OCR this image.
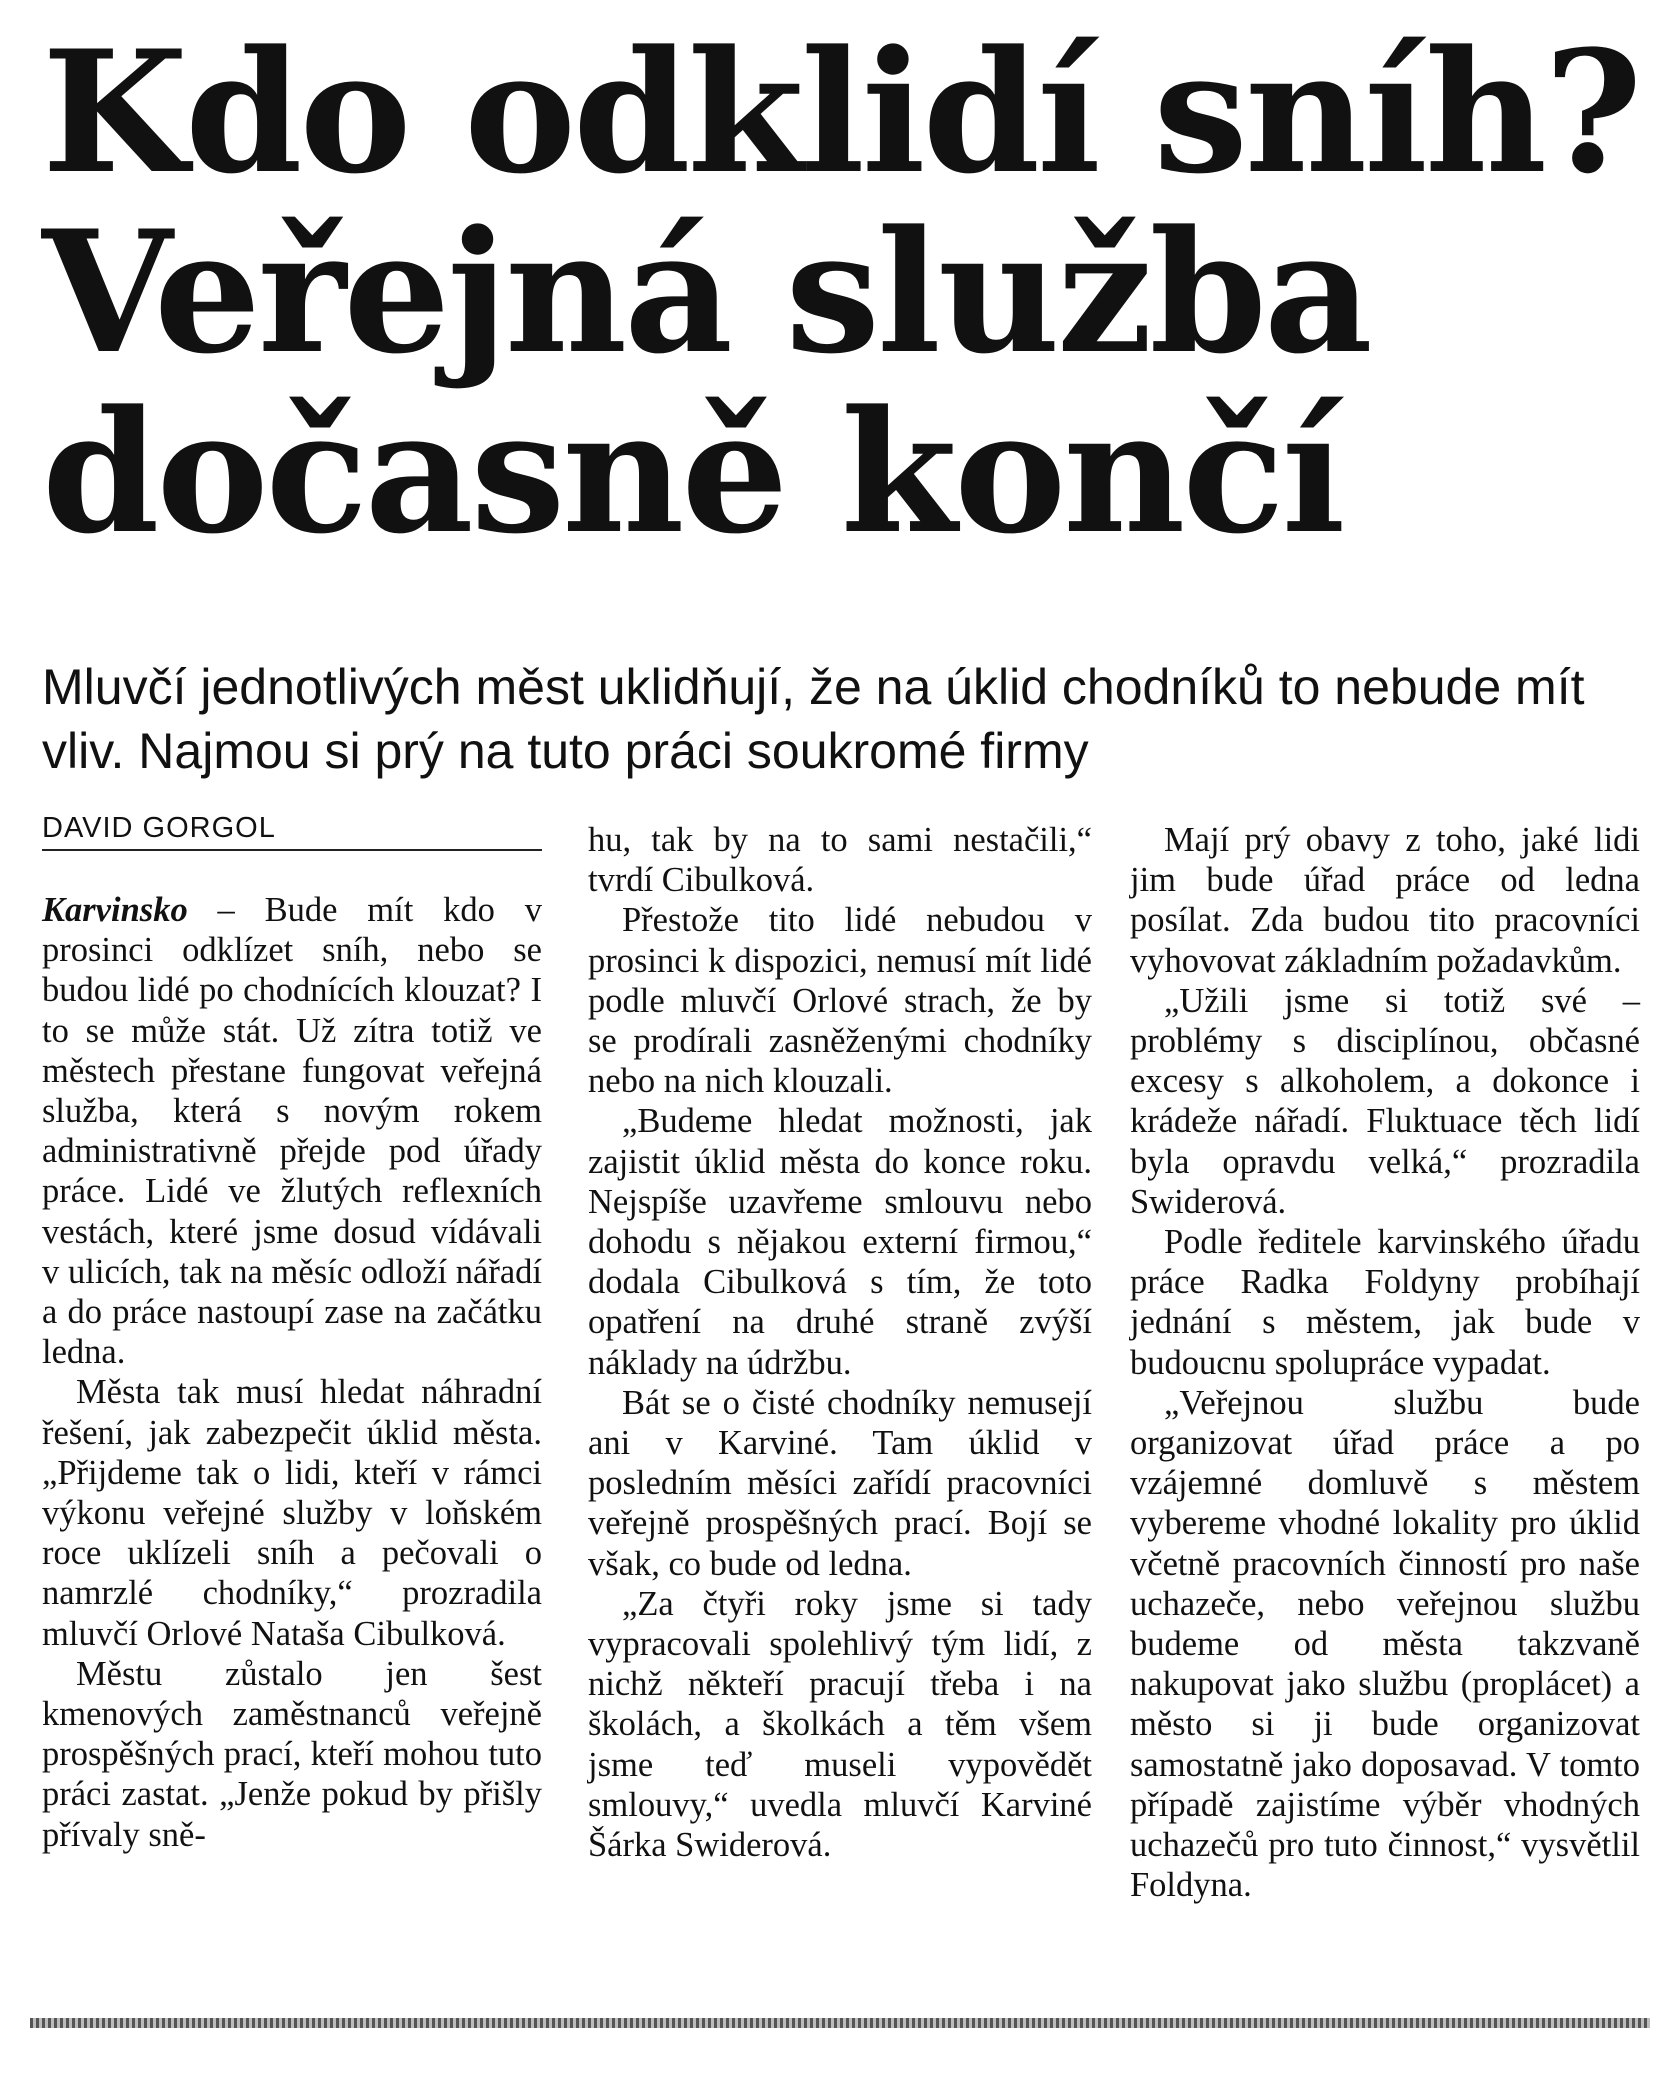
Kdo odklidí sníh?
Veřejná služba
dočasně končí

Mluvčí jednotlivých měst uklidňují, že na úklid chodníků to nebude mít vliv. Najmou si prý na tuto práci soukromé firmy

DAVID GORGOL

Karvinsko – Bude mít kdo v prosinci odklízet sníh, nebo se budou lidé po chodnících klouzat? I to se může stát. Už zítra totiž ve městech přestane fungovat veřejná služba, která s novým rokem administrativně přejde pod úřady práce. Lidé ve žlutých reflexních vestách, které jsme dosud vídávali v ulicích, tak na měsíc odloží nářadí a do práce nastoupí zase na začátku ledna.

Města tak musí hledat náhradní řešení, jak zabezpečit úklid města. „Přijdeme tak o lidi, kteří v rámci výkonu veřejné služby v loňském roce uklízeli sníh a pečovali o namrzlé chodníky,“ prozradila mluvčí Orlové Nataša Cibulková.

Městu zůstalo jen šest kmenových zaměstnanců veřejně prospěšných prací, kteří mohou tuto práci zastat. „Jenže pokud by přišly přívaly sně-

hu, tak by na to sami nestačili,“ tvrdí Cibulková.

Přestože tito lidé nebudou v prosinci k dispozici, nemusí mít lidé podle mluvčí Orlové strach, že by se prodírali zasněženými chodníky nebo na nich klouzali.

„Budeme hledat možnosti, jak zajistit úklid města do konce roku. Nejspíše uzavřeme smlouvu nebo dohodu s nějakou externí firmou,“ dodala Cibulková s tím, že toto opatření na druhé straně zvýší náklady na údržbu.

Bát se o čisté chodníky nemusejí ani v Karviné. Tam úklid v posledním měsíci zařídí pracovníci veřejně prospěšných prací. Bojí se však, co bude od ledna.

„Za čtyři roky jsme si tady vypracovali spolehlivý tým lidí, z nichž někteří pracují třeba i na školách, a školkách a těm všem jsme teď museli vypovědět smlouvy,“ uvedla mluvčí Karviné Šárka Swiderová.

Mají prý obavy z toho, jaké lidi jim bude úřad práce od ledna posílat. Zda budou tito pracovníci vyhovovat základním požadavkům.

„Užili jsme si totiž své – problémy s disciplínou, občasné excesy s alkoholem, a dokonce i krádeže nářadí. Fluktuace těch lidí byla opravdu velká,“ prozradila Swiderová.

Podle ředitele karvinského úřadu práce Radka Foldyny probíhají jednání s městem, jak bude v budoucnu spolupráce vypadat.

„Veřejnou službu bude organizovat úřad práce a po vzájemné domluvě s městem vybereme vhodné lokality pro úklid včetně pracovních činností pro naše uchazeče, nebo veřejnou službu budeme od města takzvaně nakupovat jako službu (proplácet) a město si ji bude organizovat samostatně jako doposavad. V tomto případě zajistíme výběr vhodných uchazečů pro tuto činnost,“ vysvětlil Foldyna.
